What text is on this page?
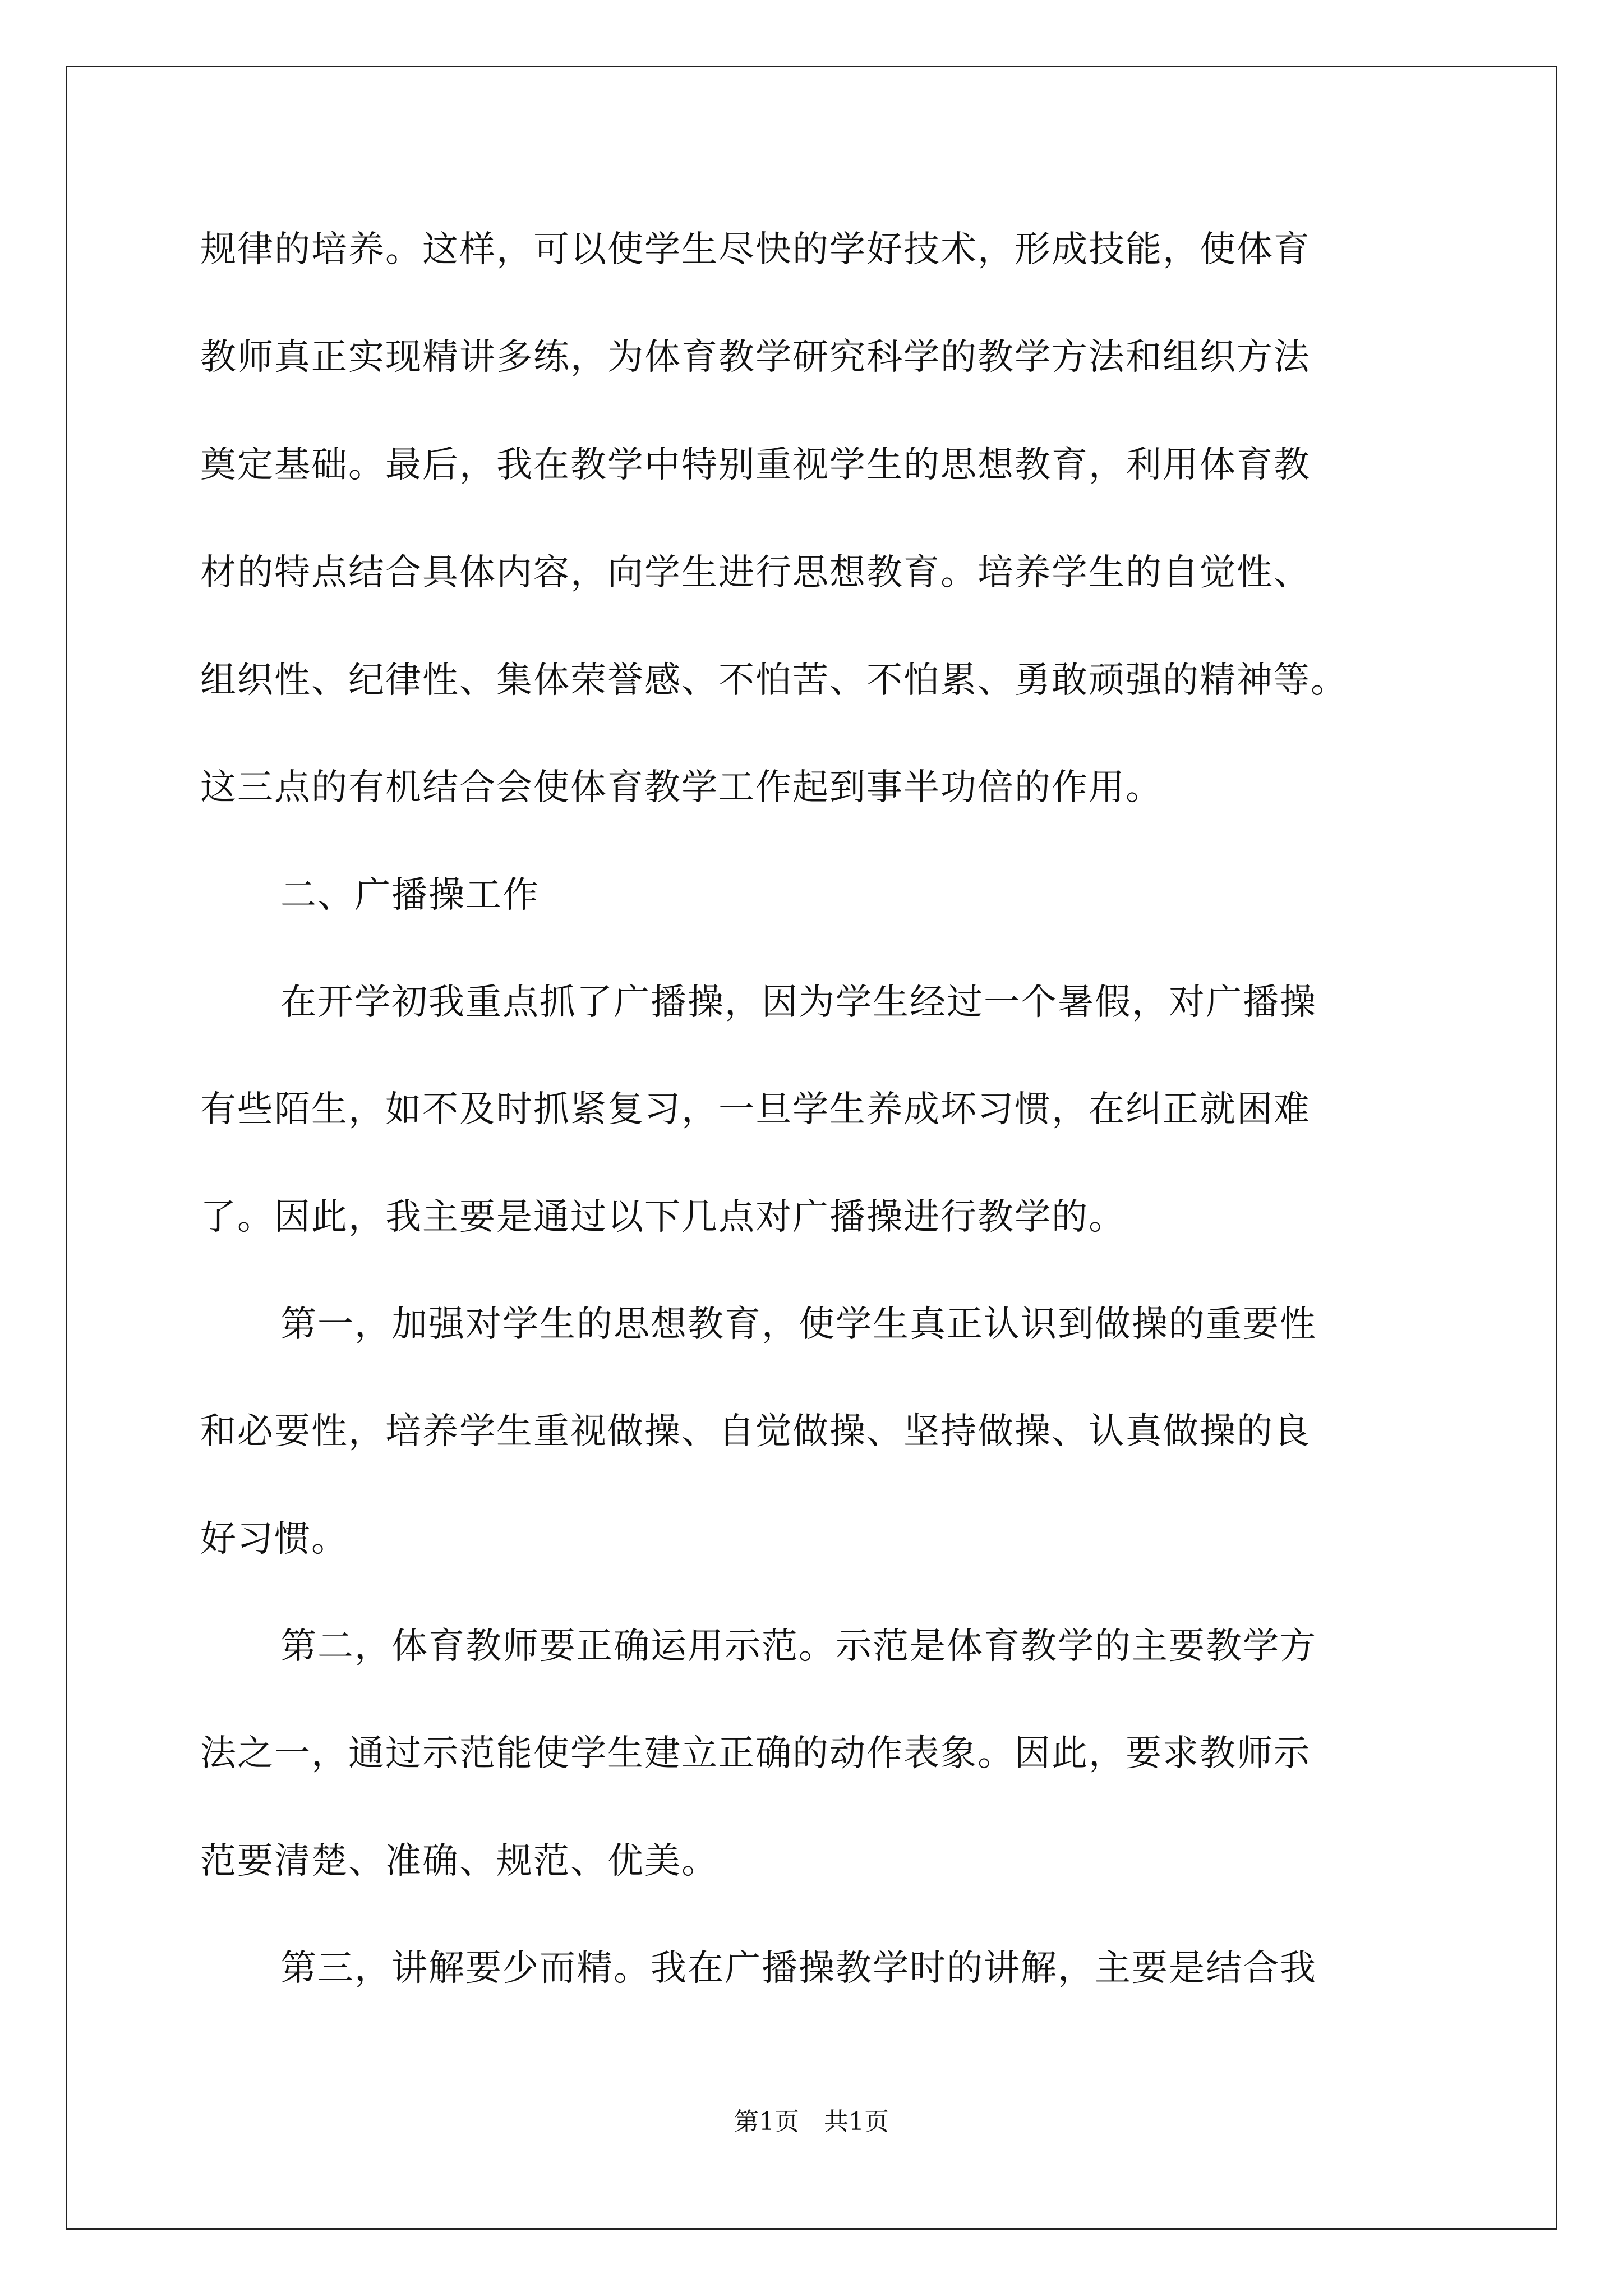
规律的培养。这样，可以使学生尽快的学好技术，形成技能，使体育
教师真正实现精讲多练，为体育教学研究科学的教学方法和组织方法
奠定基础。最后，我在教学中特别重视学生的思想教育，利用体育教
材的特点结合具体内容，向学生进行思想教育。培养学生的自觉性、
组织性、纪律性、集体荣誉感、不怕苦、不怕累、勇敢顽强的精神等。
这三点的有机结合会使体育教学工作起到事半功倍的作用。
二、广播操工作
在开学初我重点抓了广播操，因为学生经过一个暑假，对广播操
有些陌生，如不及时抓紧复习，一旦学生养成坏习惯，在纠正就困难
了。因此，我主要是通过以下几点对广播操进行教学的。
第一，加强对学生的思想教育，使学生真正认识到做操的重要性
和必要性，培养学生重视做操、自觉做操、坚持做操、认真做操的良
好习惯。
第二，体育教师要正确运用示范。示范是体育教学的主要教学方
法之一，通过示范能使学生建立正确的动作表象。因此，要求教师示
范要清楚、准确、规范、优美。
第三，讲解要少而精。我在广播操教学时的讲解，主要是结合我
第1页　共1页
